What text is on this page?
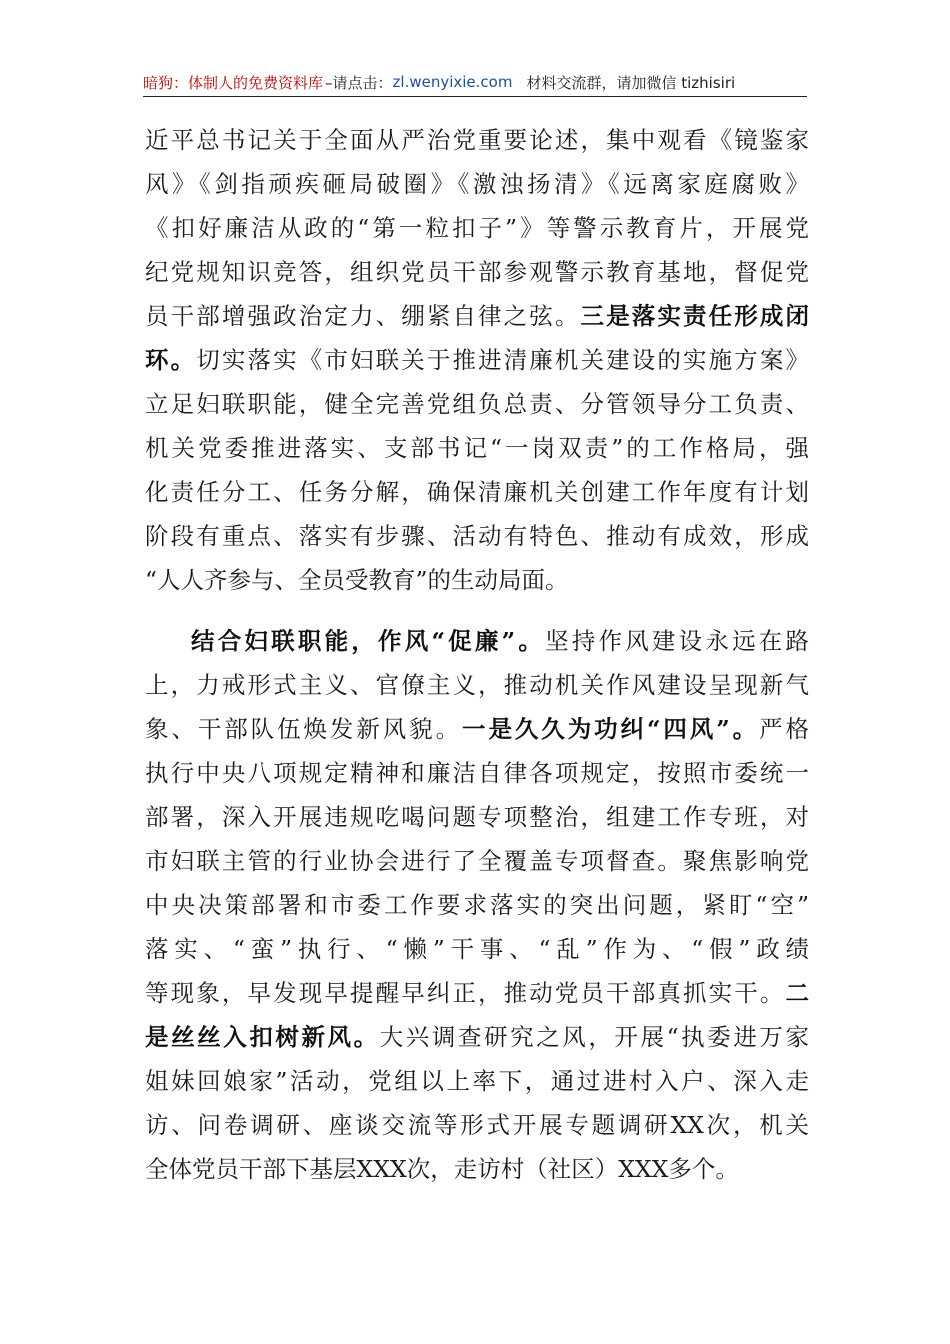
暗狗：体制人的免费资料库 –请点击： zl.wenyixie.com 材料交流群，请加微信 tizhisiri
近平总书记关于全面从严治党重要论述，集中观看《镜鉴家
风》《剑指顽疾砸局破圈》《激浊扬清》《远离家庭腐败》
《扣好廉洁从政的“第一粒扣子”》等警示教育片，开展党
纪党规知识竞答，组织党员干部参观警示教育基地，督促党
员干部增强政治定力、绷紧自律之弦。三是落实责任形成闭
环。切实落实《市妇联关于推进清廉机关建设的实施方案》
立足妇联职能，健全完善党组负总责、分管领导分工负责、
机关党委推进落实、支部书记“一岗双责”的工作格局，强
化责任分工、任务分解，确保清廉机关创建工作年度有计划
阶段有重点、落实有步骤、活动有特色、推动有成效，形成
“人人齐参与、全员受教育”的生动局面。
结合妇联职能，作风“促廉”。坚持作风建设永远在路
上，力戒形式主义、官僚主义，推动机关作风建设呈现新气
象、干部队伍焕发新风貌。一是久久为功纠“四风”。严格
执行中央八项规定精神和廉洁自律各项规定，按照市委统一
部署，深入开展违规吃喝问题专项整治，组建工作专班，对
市妇联主管的行业协会进行了全覆盖专项督查。聚焦影响党
中央决策部署和市委工作要求落实的突出问题，紧盯“空”
落实、“蛮”执行、“懒”干事、“乱”作为、“假”政绩
等现象，早发现早提醒早纠正，推动党员干部真抓实干。二
是丝丝入扣树新风。大兴调查研究之风，开展“执委进万家
姐妹回娘家”活动，党组以上率下，通过进村入户、深入走
访、问卷调研、座谈交流等形式开展专题调研XX次，机关
全体党员干部下基层XXX次，走访村（社区）XXX多个。
